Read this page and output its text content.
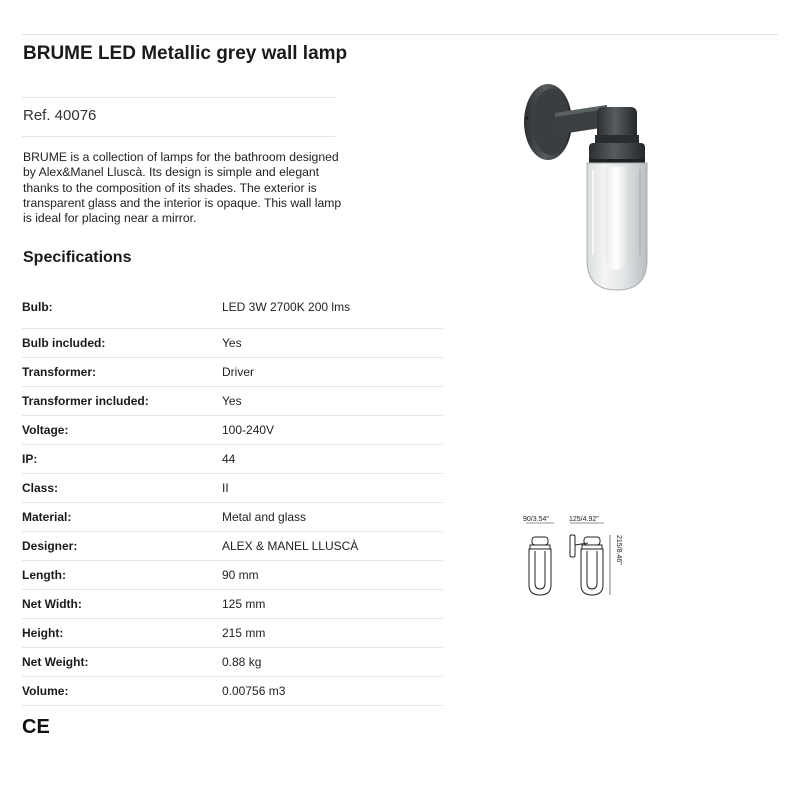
BRUME LED Metallic grey wall lamp
Ref. 40076
BRUME is a collection of lamps for the bathroom designed by Alex&Manel Lluscà. Its design is simple and elegant thanks to the composition of its shades. The exterior is transparent glass and the interior is opaque. This wall lamp is ideal for placing near a mirror.
Specifications
Bulb:	LED 3W 2700K 200 lms
Bulb included:	Yes
Transformer:	Driver
Transformer included:	Yes
Voltage:	100-240V
IP:	44
Class:	II
Material:	Metal and glass
Designer:	ALEX & MANEL LLUSCÀ
Length:	90 mm
Net Width:	125 mm
Height:	215 mm
Net Weight:	0.88 kg
Volume:	0.00756 m3
90/3.54"	125/4.92"
215/8.46"
CE
